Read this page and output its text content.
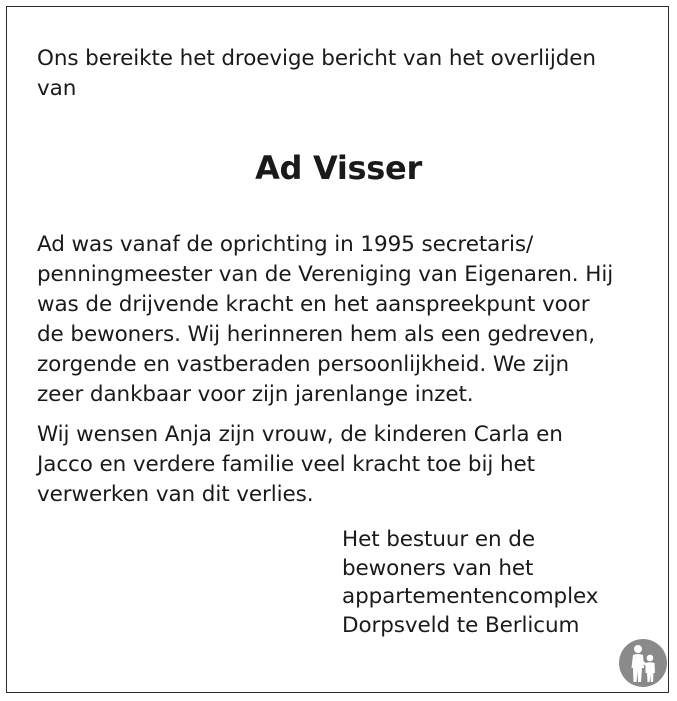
Ons bereikte het droevige bericht van het overlijden
van
Ad Visser
Ad was vanaf de oprichting in 1995 secretaris/
penningmeester van de Vereniging van Eigenaren. Hij
was de drijvende kracht en het aanspreekpunt voor
de bewoners. Wij herinneren hem als een gedreven,
zorgende en vastberaden persoonlijkheid. We zijn
zeer dankbaar voor zijn jarenlange inzet.
Wij wensen Anja zijn vrouw, de kinderen Carla en
Jacco en verdere familie veel kracht toe bij het
verwerken van dit verlies.
Het bestuur en de
bewoners van het
appartementencomplex
Dorpsveld te Berlicum
